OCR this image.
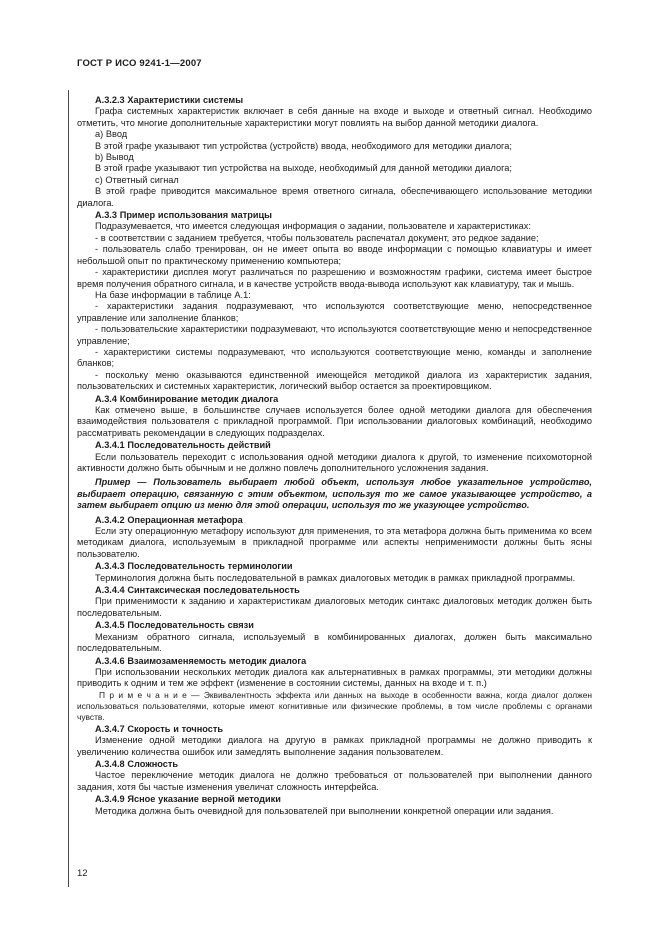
ГОСТ Р ИСО 9241-1—2007

А.3.2.3 Характеристики системы

Графа системных характеристик включает в себя данные на входе и выходе и ответный сигнал. Необходимо отметить, что многие дополнительные характеристики могут повлиять на выбор данной методики диалога.

а) Ввод

В этой графе указывают тип устройства (устройств) ввода, необходимого для методики диалога;

b) Вывод

В этой графе указывают тип устройства на выходе, необходимый для данной методики диалога;

с) Ответный сигнал

В этой графе приводится максимальное время ответного сигнала, обеспечивающего использование методики диалога.

А.3.3 Пример использования матрицы

Подразумевается, что имеется следующая информация о задании, пользователе и характеристиках:

- в соответствии с заданием требуется, чтобы пользователь распечатал документ, это редкое задание;

- пользователь слабо тренирован, он не имеет опыта во вводе информации с помощью клавиатуры и имеет небольшой опыт по практическому применению компьютера;

- характеристики дисплея могут различаться по разрешению и возможностям графики, система имеет быстрое время получения обратного сигнала, и в качестве устройств ввода-вывода используют как клавиатуру, так и мышь.

На базе информации в таблице А.1:

- характеристики задания подразумевают, что используются соответствующие меню, непосредственное управление или заполнение бланков;

- пользовательские характеристики подразумевают, что используются соответствующие меню и непосредственное управление;

- характеристики системы подразумевают, что используются соответствующие меню, команды и заполнение бланков;

- поскольку меню оказываются единственной имеющейся методикой диалога из характеристик задания, пользовательских и системных характеристик, логический выбор остается за проектировщиком.

А.3.4 Комбинирование методик диалога

Как отмечено выше, в большинстве случаев используется более одной методики диалога для обеспечения взаимодействия пользователя с прикладной программой. При использовании диалоговых комбинаций, необходимо рассматривать рекомендации в следующих подразделах.

А.3.4.1 Последовательность действий

Если пользователь переходит с использования одной методики диалога к другой, то изменение психомоторной активности должно быть обычным и не должно повлечь дополнительного усложнения задания.

Пример — Пользователь выбирает любой объект, используя любое указательное устройство, выбирает операцию, связанную с этим объектом, используя то же самое указывающее устройство, а затем выбирает опцию из меню для этой операции, используя то же указующее устройство.

А.3.4.2 Операционная метафора

Если эту операционную метафору используют для применения, то эта метафора должна быть применима ко всем методикам диалога, используемым в прикладной программе или аспекты неприменимости должны быть ясны пользователю.

А.3.4.3 Последовательность терминологии

Терминология должна быть последовательной в рамках диалоговых методик в рамках прикладной программы.

А.3.4.4 Синтаксическая последовательность

При применимости к заданию и характеристикам диалоговых методик синтакс диалоговых методик должен быть последовательным.

А.3.4.5 Последовательность связи

Механизм обратного сигнала, используемый в комбинированных диалогах, должен быть максимально последовательным.

А.3.4.6 Взаимозаменяемость методик диалога

При использовании нескольких методик диалога как альтернативных в рамках программы, эти методики должны приводить к одним и тем же эффект (изменение в состоянии системы, данных на входе и т. п.)

П р и м е ч а н и е — Эквивалентность эффекта или данных на выходе в особенности важна, когда диалог должен использоваться пользователями, которые имеют когнитивные или физические проблемы, в том числе проблемы с органами чувств.

А.3.4.7 Скорость и точность

Изменение одной методики диалога на другую в рамках прикладной программы не должно приводить к увеличению количества ошибок или замедлять выполнение задания пользователем.

А.3.4.8 Сложность

Частое переключение методик диалога не должно требоваться от пользователей при выполнении данного задания, хотя бы частые изменения увеличат сложность интерфейса.

А.3.4.9 Ясное указание верной методики

Методика должна быть очевидной для пользователей при выполнении конкретной операции или задания.

12
